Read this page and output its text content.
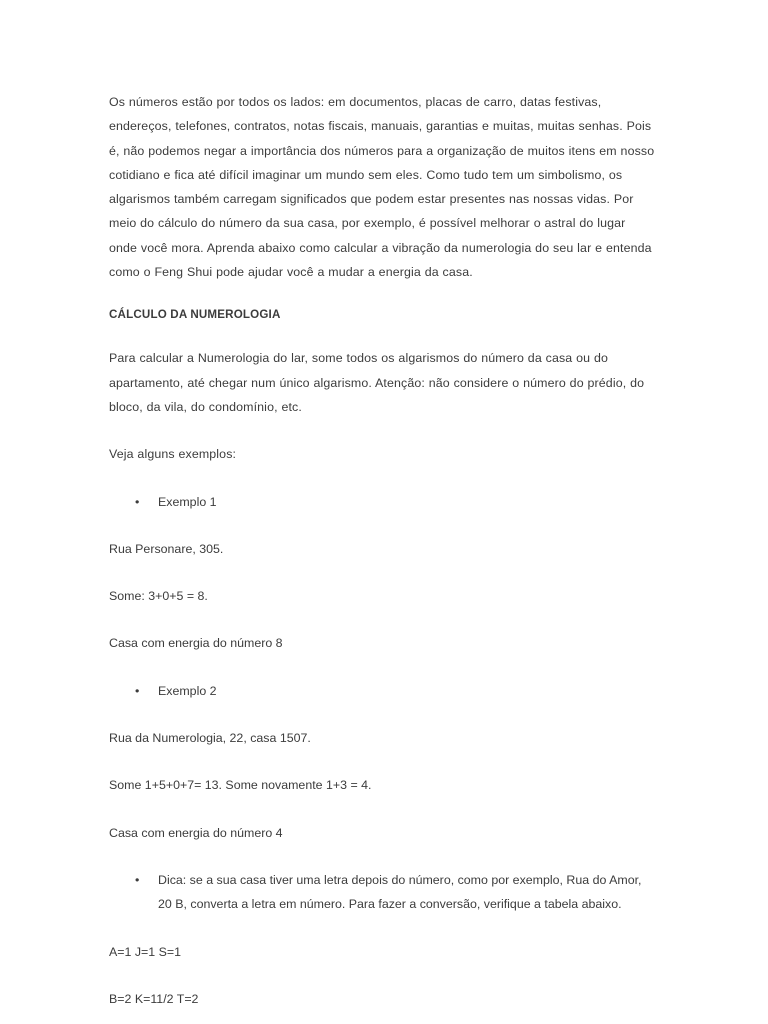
Os números estão por todos os lados: em documentos, placas de carro, datas festivas, endereços, telefones, contratos, notas fiscais, manuais, garantias e muitas, muitas senhas. Pois é, não podemos negar a importância dos números para a organização de muitos itens em nosso cotidiano e fica até difícil imaginar um mundo sem eles. Como tudo tem um simbolismo, os algarismos também carregam significados que podem estar presentes nas nossas vidas. Por meio do cálculo do número da sua casa, por exemplo, é possível melhorar o astral do lugar onde você mora. Aprenda abaixo como calcular a vibração da numerologia do seu lar e entenda como o Feng Shui pode ajudar você a mudar a energia da casa.

CÁLCULO DA NUMEROLOGIA

Para calcular a Numerologia do lar, some todos os algarismos do número da casa ou do apartamento, até chegar num único algarismo. Atenção: não considere o número do prédio, do bloco, da vila, do condomínio, etc.

Veja alguns exemplos:

•	Exemplo 1

Rua Personare, 305.

Some: 3+0+5 = 8.

Casa com energia do número 8

•	Exemplo 2

Rua da Numerologia, 22, casa 1507.

Some 1+5+0+7= 13. Some novamente 1+3 = 4.

Casa com energia do número 4

•	Dica: se a sua casa tiver uma letra depois do número, como por exemplo, Rua do Amor, 20 B, converta a letra em número. Para fazer a conversão, verifique a tabela abaixo.

A=1 J=1 S=1

B=2 K=11/2 T=2
